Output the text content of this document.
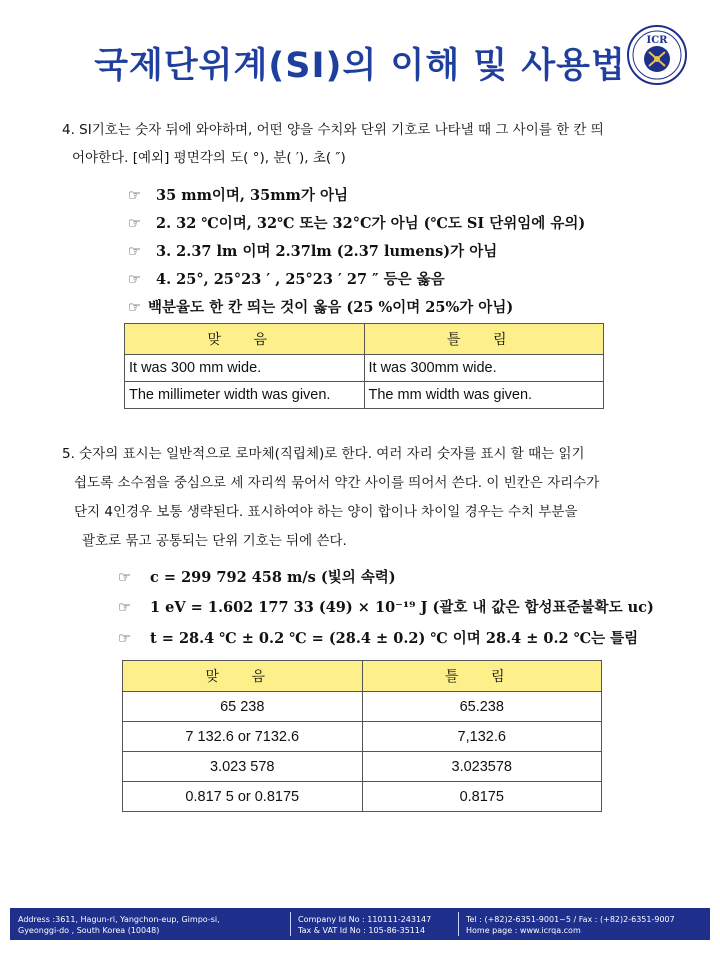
국제단위계(SI)의 이해 및 사용법
ICR
4. SI기호는 숫자 뒤에 와야하며, 어떤 양을 수치와 단위 기호로 나타낼 때 그 사이를 한 칸 띄
어야한다. [예외] 평면각의 도( °), 분( ′), 초( ″)
☞ 35 mm이며, 35mm가 아님
☞ 2. 32 ℃이며, 32℃ 또는 32°C가 아님 (℃도 SI 단위임에 유의)
☞ 3. 2.37 lm 이며 2.37lm (2.37 lumens)가 아님
☞ 4. 25°, 25°23 ′ , 25°23 ′ 27 ″ 등은 옳음
☞ 백분율도 한 칸 띄는 것이 옳음 (25 %이며 25%가 아님)
맞 음	틀 림
It was 300 mm wide.	It was 300mm wide.
The millimeter width was given.	The mm width was given.
5. 숫자의 표시는 일반적으로 로마체(직립체)로 한다. 여러 자리 숫자를 표시 할 때는 읽기
쉽도록 소수점을 중심으로 세 자리씩 묶어서 약간 사이를 띄어서 쓴다. 이 빈칸은 자리수가
단지 4인경우 보통 생략된다. 표시하여야 하는 양이 합이나 차이일 경우는 수치 부분을
괄호로 묶고 공통되는 단위 기호는 뒤에 쓴다.
☞ c = 299 792 458 m/s (빛의 속력)
☞ 1 eV = 1.602 177 33 (49) × 10⁻¹⁹ J (괄호 내 값은 합성표준불확도 uc)
☞ t = 28.4 ℃ ± 0.2 ℃ = (28.4 ± 0.2) ℃ 이며 28.4 ± 0.2 ℃는 틀림
맞 음	틀 림
65 238	65.238
7 132.6 or 7132.6	7,132.6
3.023 578	3.023578
0.817 5 or 0.8175	0.8175
Address :3611, Hagun-ri, Yangchon-eup, Gimpo-si,
Gyeonggi-do , South Korea (10048)
Company Id No : 110111-243147
Tax & VAT Id No : 105-86-35114
Tel : (+82)2-6351-9001~5 / Fax : (+82)2-6351-9007
Home page : www.icrqa.com
